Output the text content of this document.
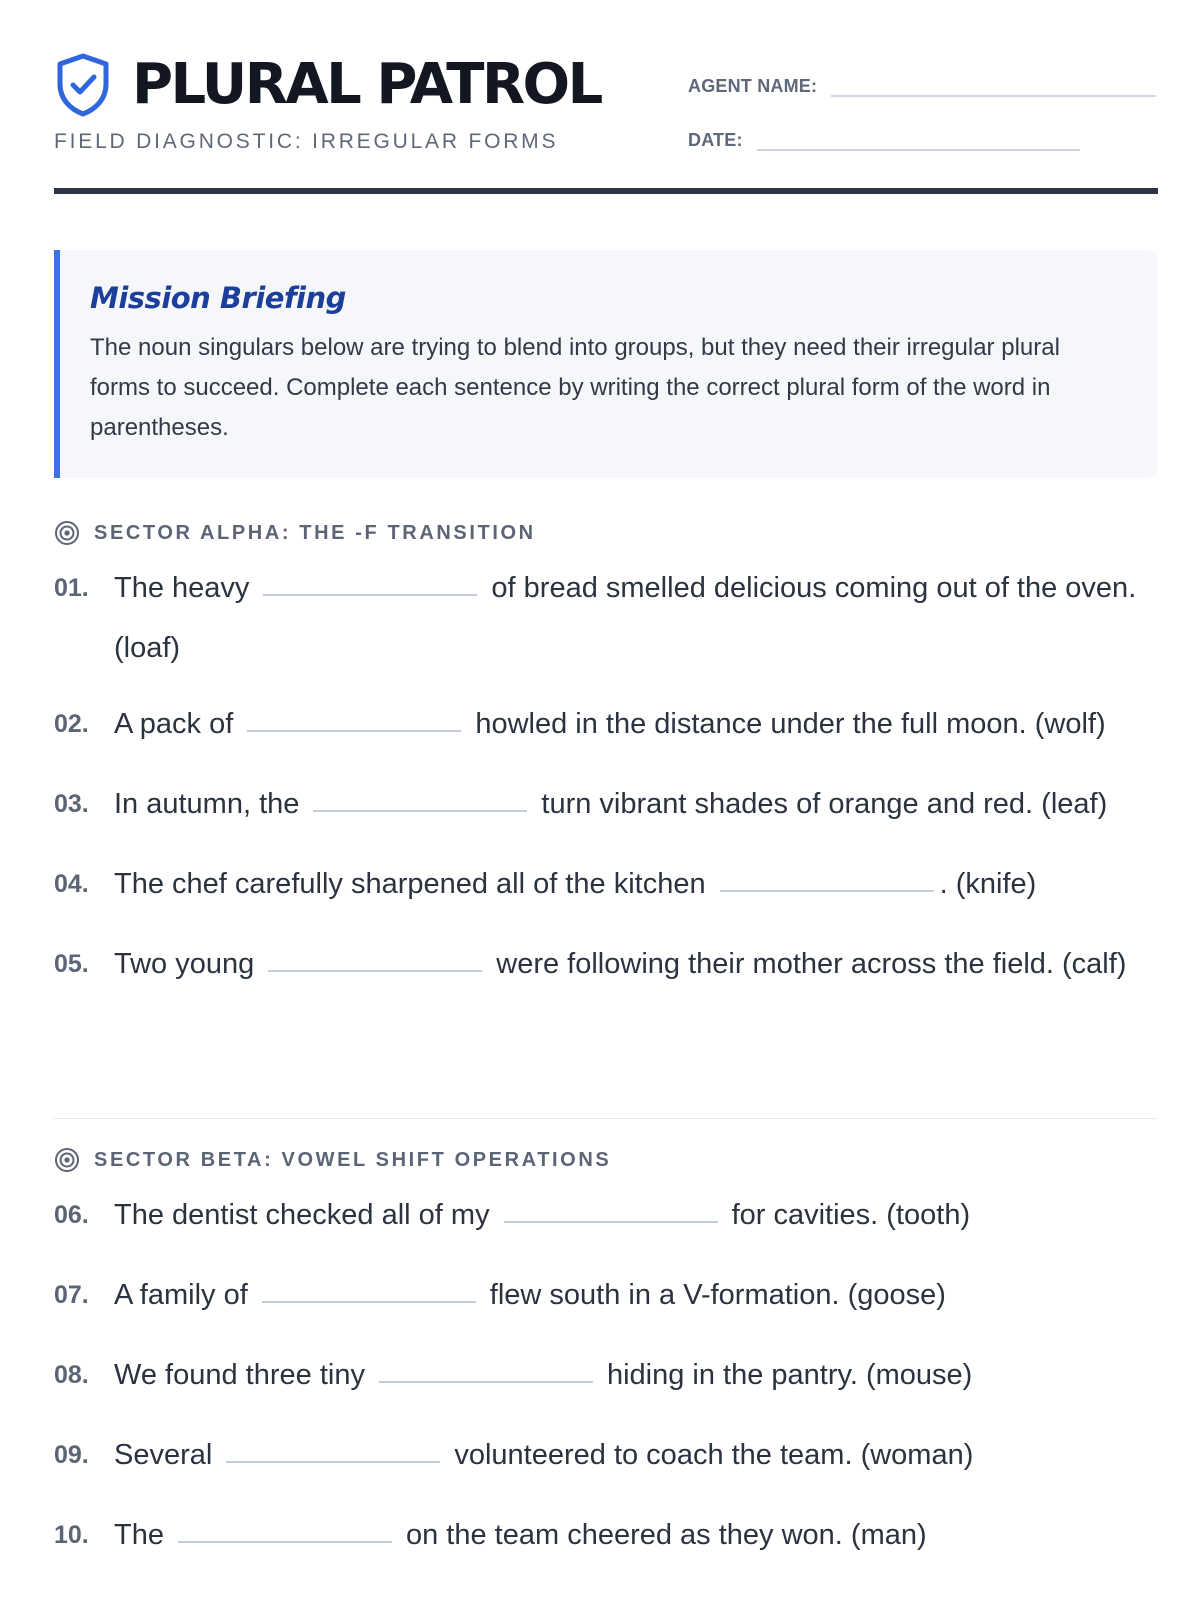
PLURAL PATROL
FIELD DIAGNOSTIC: IRREGULAR FORMS
AGENT NAME:
DATE:
Mission Briefing

The noun singulars below are trying to blend into groups, but they need their irregular plural forms to succeed. Complete each sentence by writing the correct plural form of the word in parentheses.

SECTOR ALPHA: THE -F TRANSITION
01. The heavy	of bread smelled delicious coming out of the oven. (loaf)
02. A pack of	howled in the distance under the full moon. (wolf)
03. In autumn, the	turn vibrant shades of orange and red. (leaf)
04. The chef carefully sharpened all of the kitchen	. (knife)
05. Two young	were following their mother across the field. (calf)
SECTOR BETA: VOWEL SHIFT OPERATIONS
06. The dentist checked all of my	for cavities. (tooth)
07. A family of	flew south in a V-formation. (goose)
08. We found three tiny	hiding in the pantry. (mouse)
09. Several	volunteered to coach the team. (woman)
10. The	on the team cheered as they won. (man)
